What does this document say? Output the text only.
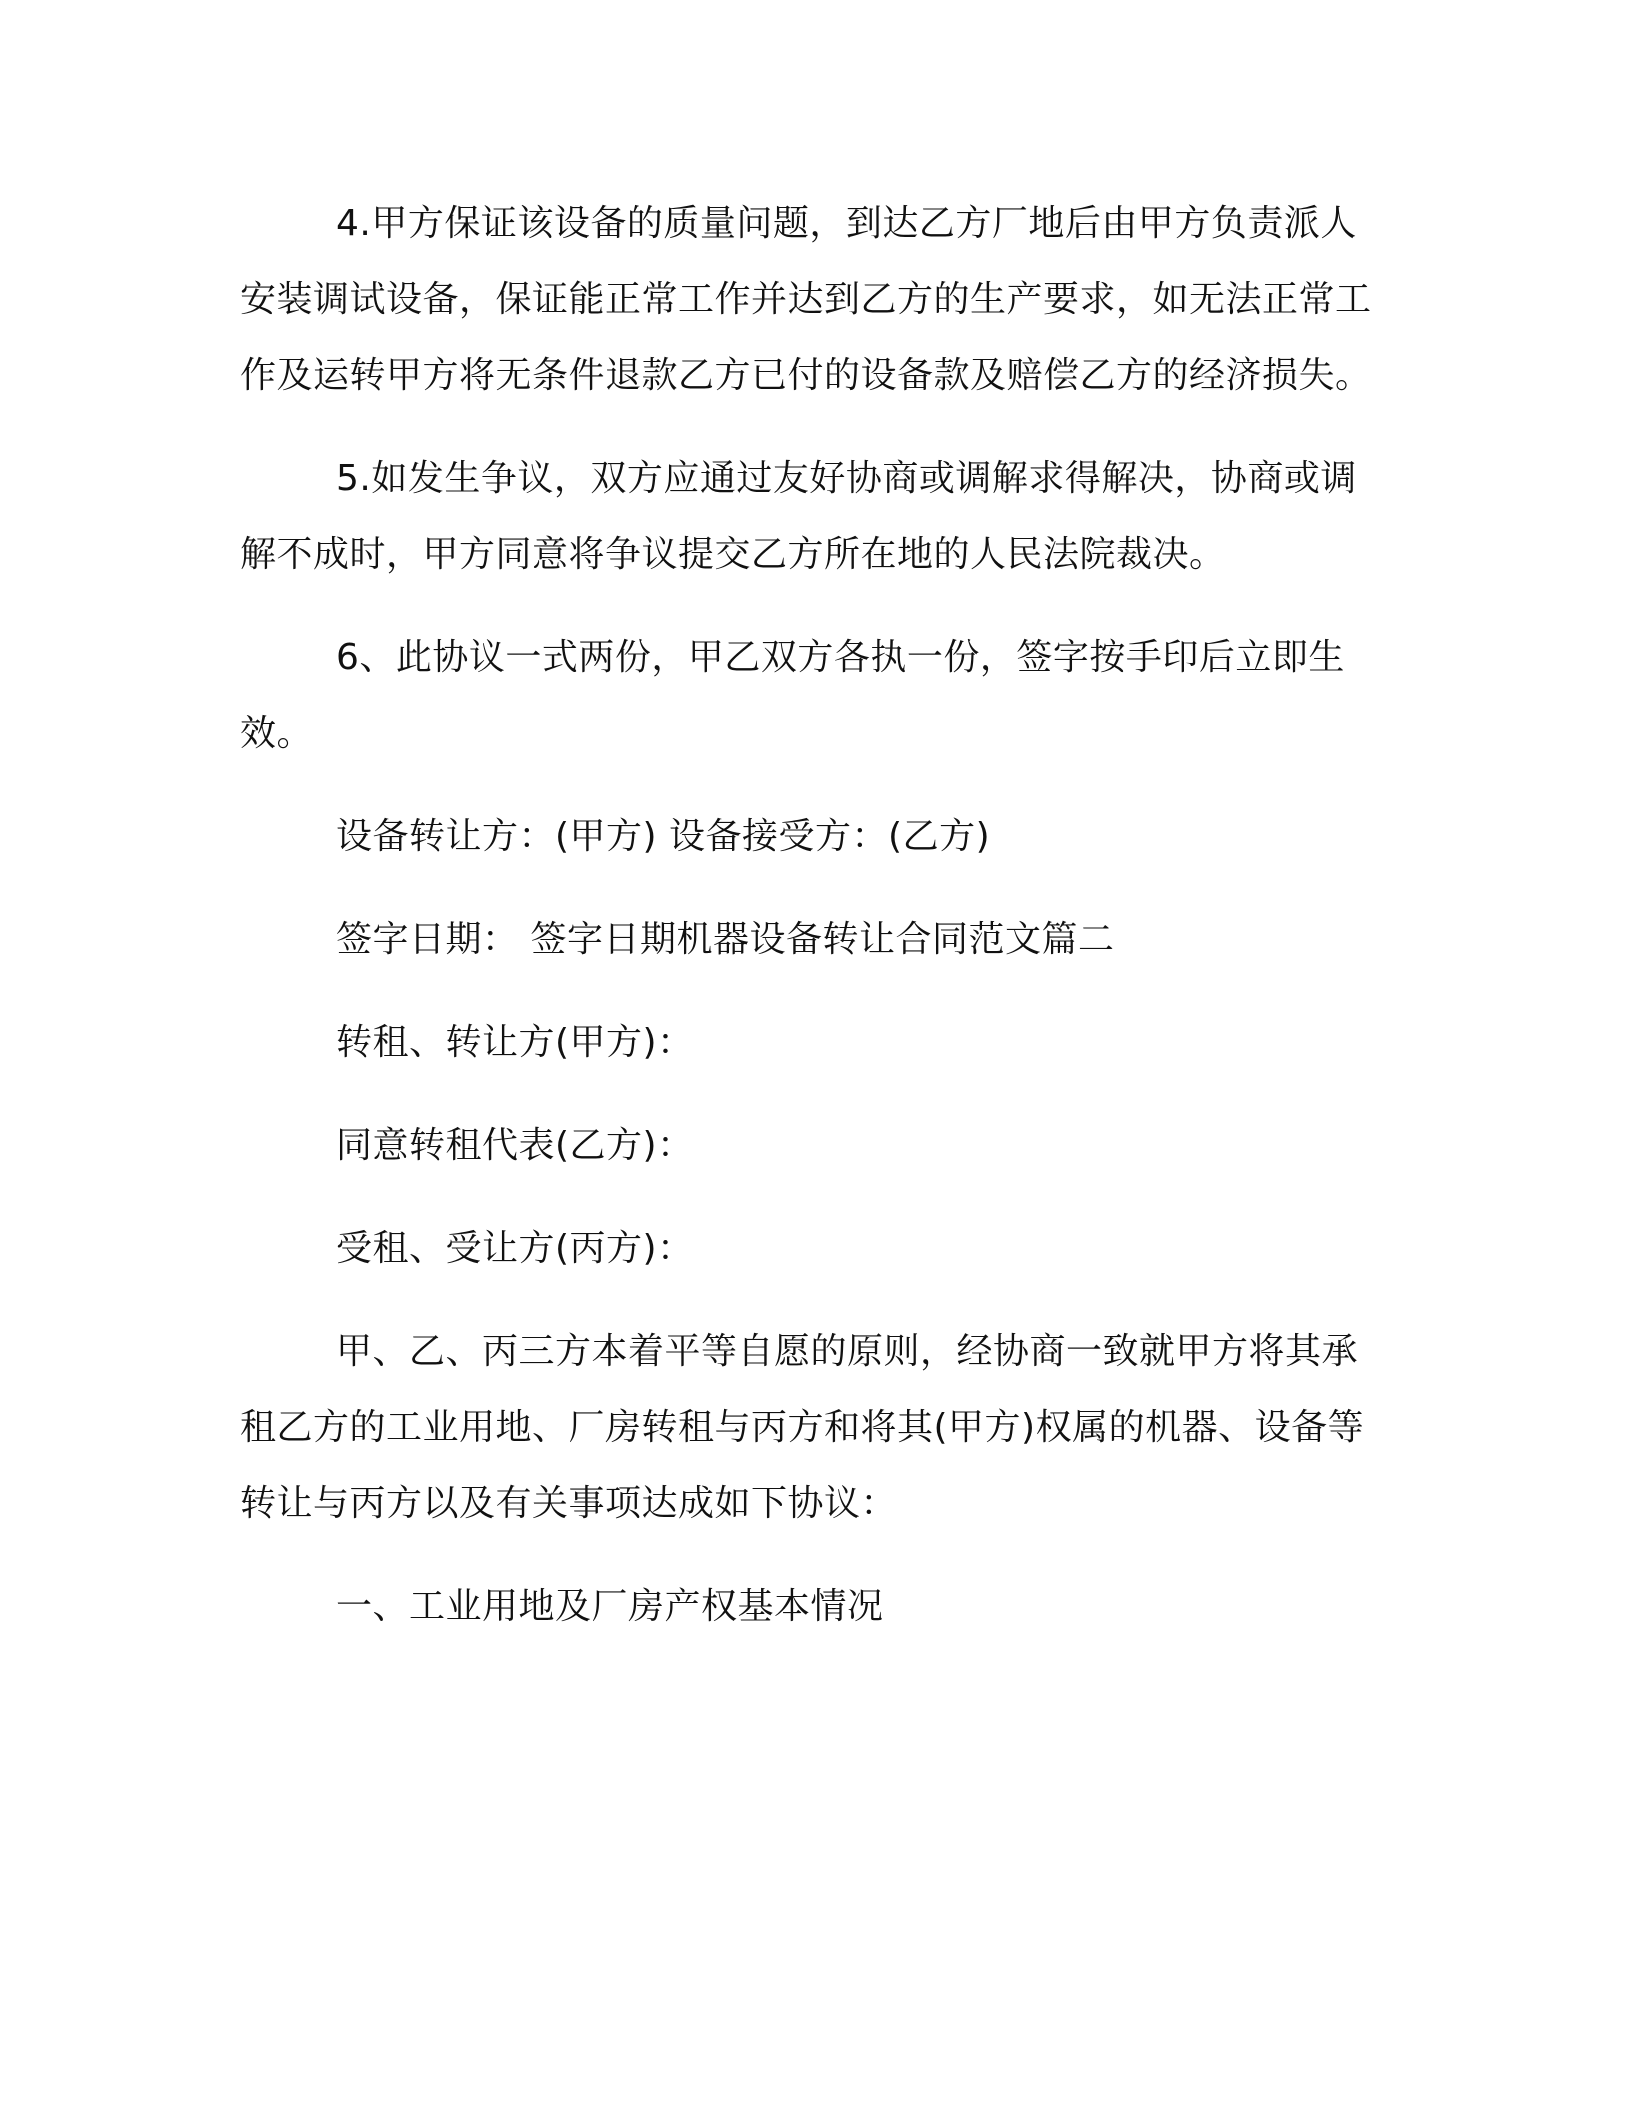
4.甲方保证该设备的质量问题，到达乙方厂地后由甲方负责派人安装调试设备，保证能正常工作并达到乙方的生产要求，如无法正常工作及运转甲方将无条件退款乙方已付的设备款及赔偿乙方的经济损失。

5.如发生争议，双方应通过友好协商或调解求得解决，协商或调解不成时，甲方同意将争议提交乙方所在地的人民法院裁决。

6、此协议一式两份，甲乙双方各执一份，签字按手印后立即生效。

设备转让方：(甲方) 设备接受方：(乙方)

签字日期： 签字日期机器设备转让合同范文篇二

转租、转让方(甲方)：

同意转租代表(乙方)：

受租、受让方(丙方)：

甲、乙、丙三方本着平等自愿的原则，经协商一致就甲方将其承租乙方的工业用地、厂房转租与丙方和将其(甲方)权属的机器、设备等转让与丙方以及有关事项达成如下协议：

一、工业用地及厂房产权基本情况
